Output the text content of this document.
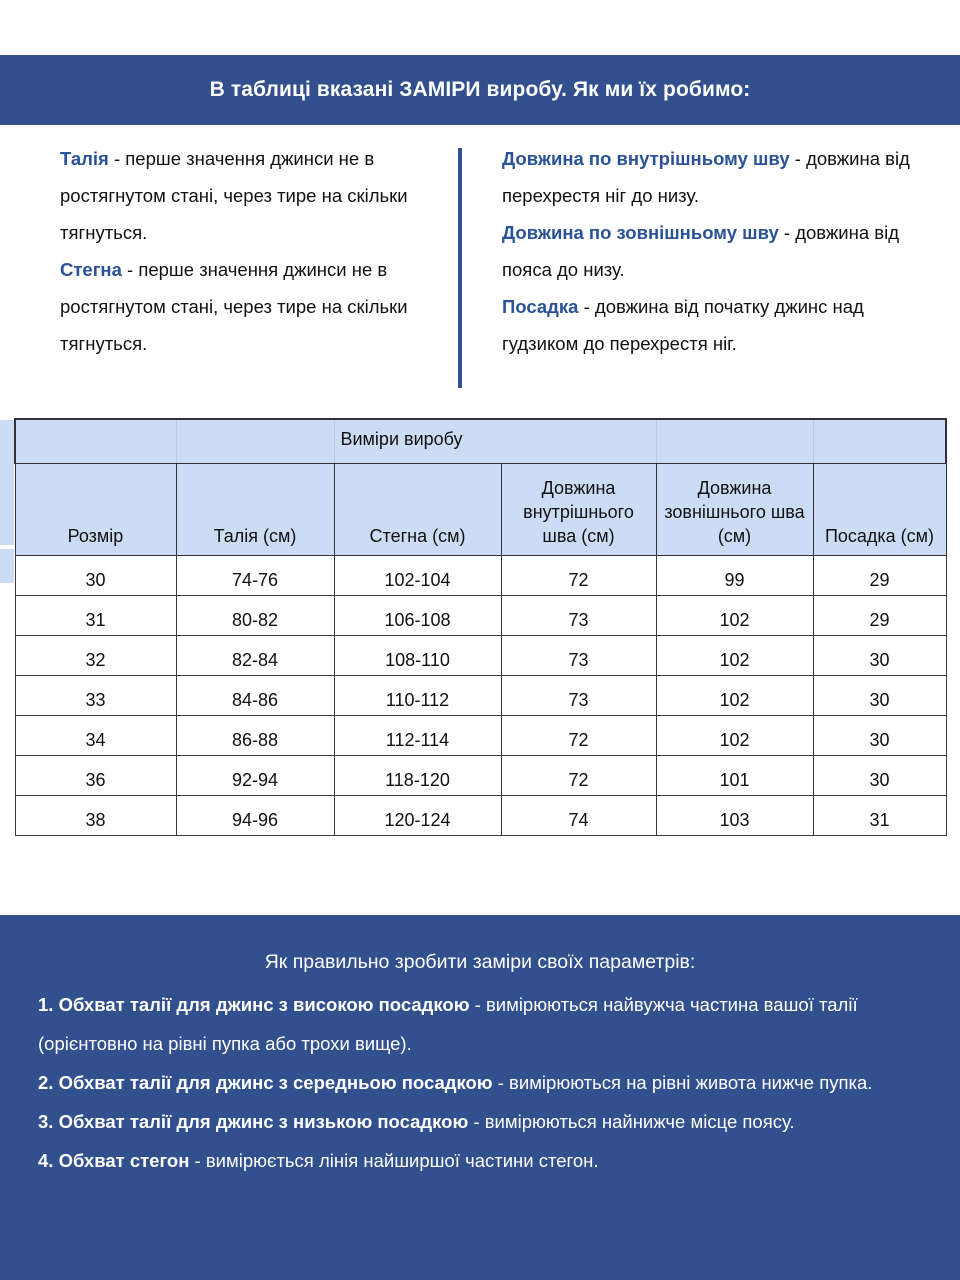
В таблиці вказані ЗАМІРИ виробу. Як ми їх робимо:
Талія - перше значення джинси не в ростягнутом стані, через тире на скільки тягнуться.
Стегна - перше значення джинси не в ростягнутом стані, через тире на скільки тягнуться.
Довжина по внутрішньому шву - довжина від перехрестя ніг до низу.
Довжина по зовнішньому шву - довжина від пояса до низу.
Посадка - довжина від початку джинс над гудзиком до перехрестя ніг.
		Виміри виробу			
Розмір	Талія (см)	Стегна (см)	Довжина внутрішнього шва (см)	Довжина зовнішнього шва (см)	Посадка (см)
30	74-76	102-104	72	99	29
31	80-82	106-108	73	102	29
32	82-84	108-110	73	102	30
33	84-86	110-112	73	102	30
34	86-88	112-114	72	102	30
36	92-94	118-120	72	101	30
38	94-96	120-124	74	103	31
Як правильно зробити заміри своїх параметрів:
1. Обхват талії для джинс з високою посадкою - вимірюються найвужча частина вашої талії (орієнтовно на рівні пупка або трохи вище).
2. Обхват талії для джинс з середньою посадкою - вимірюються на рівні живота нижче пупка.
3. Обхват талії для джинс з низькою посадкою - вимірюються найнижче місце поясу.
4. Обхват стегон - вимірюється лінія найширшої частини стегон.
